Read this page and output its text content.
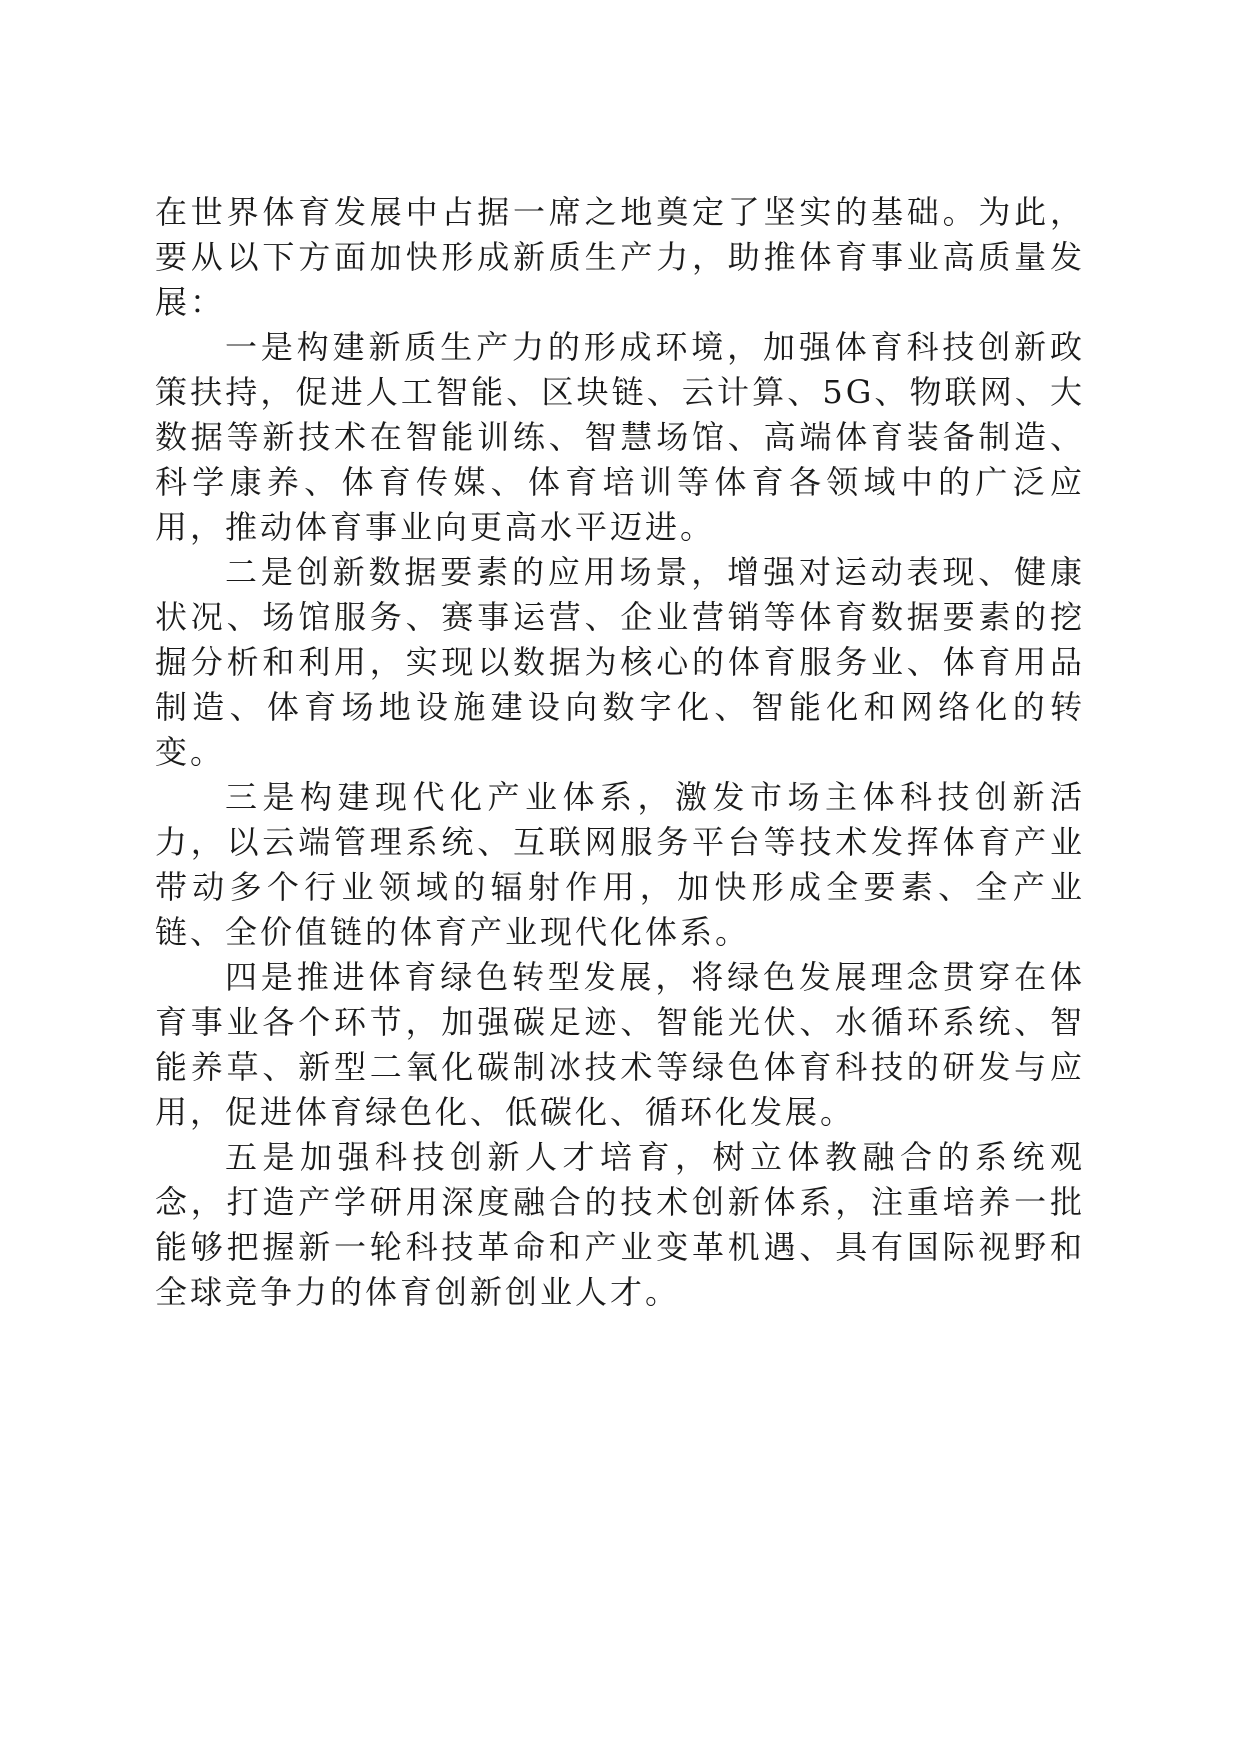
在世界体育发展中占据一席之地奠定了坚实的基础。为此，要从以下方面加快形成新质生产力，助推体育事业高质量发展：

一是构建新质生产力的形成环境，加强体育科技创新政策扶持，促进人工智能、区块链、云计算、5G、物联网、大数据等新技术在智能训练、智慧场馆、高端体育装备制造、科学康养、体育传媒、体育培训等体育各领域中的广泛应用，推动体育事业向更高水平迈进。

二是创新数据要素的应用场景，增强对运动表现、健康状况、场馆服务、赛事运营、企业营销等体育数据要素的挖掘分析和利用，实现以数据为核心的体育服务业、体育用品制造、体育场地设施建设向数字化、智能化和网络化的转变。

三是构建现代化产业体系，激发市场主体科技创新活力，以云端管理系统、互联网服务平台等技术发挥体育产业带动多个行业领域的辐射作用，加快形成全要素、全产业链、全价值链的体育产业现代化体系。

四是推进体育绿色转型发展，将绿色发展理念贯穿在体育事业各个环节，加强碳足迹、智能光伏、水循环系统、智能养草、新型二氧化碳制冰技术等绿色体育科技的研发与应用，促进体育绿色化、低碳化、循环化发展。

五是加强科技创新人才培育，树立体教融合的系统观念，打造产学研用深度融合的技术创新体系，注重培养一批能够把握新一轮科技革命和产业变革机遇、具有国际视野和全球竞争力的体育创新创业人才。
